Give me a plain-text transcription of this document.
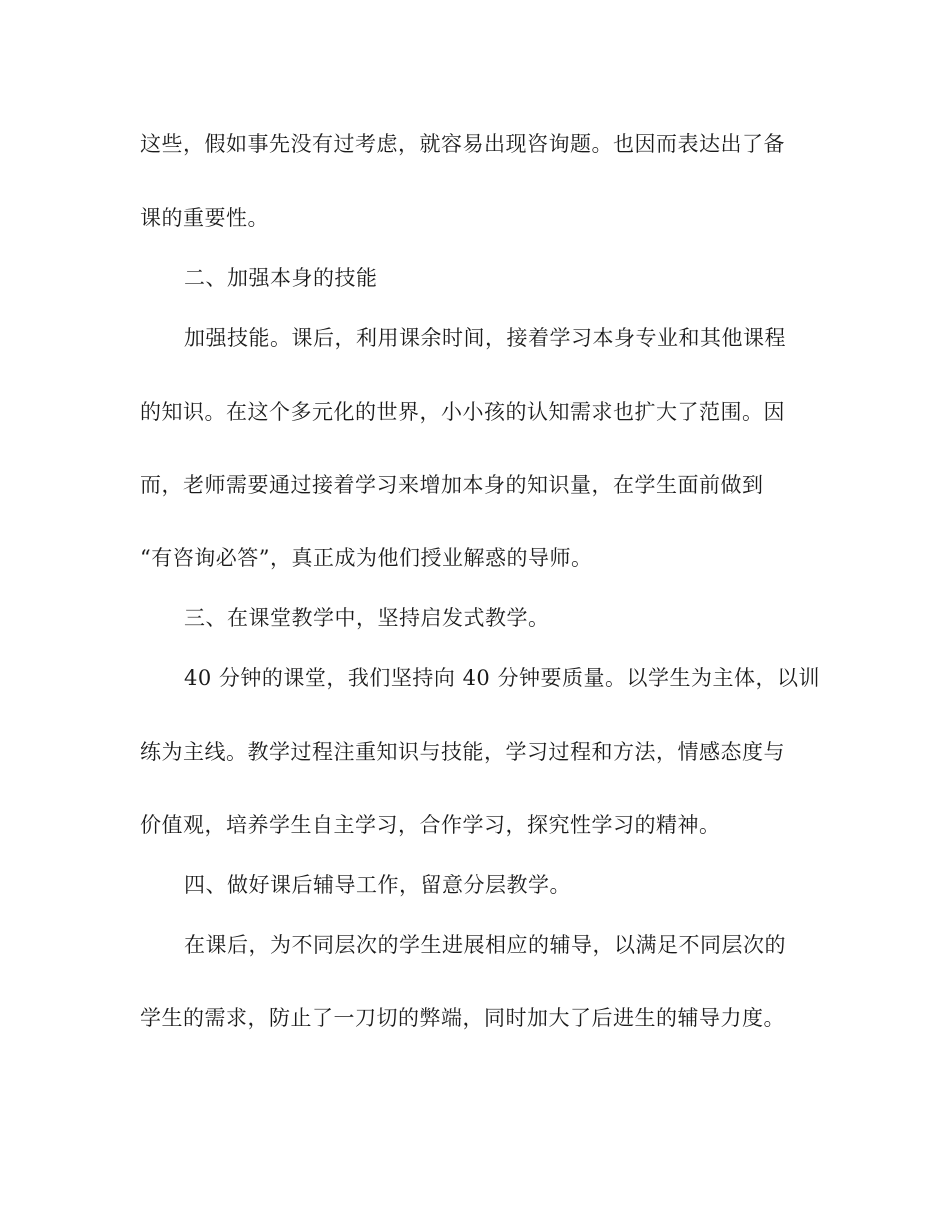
这些，假如事先没有过考虑，就容易出现咨询题。也因而表达出了备
课的重要性。
二、加强本身的技能
加强技能。课后，利用课余时间，接着学习本身专业和其他课程
的知识。在这个多元化的世界，小小孩的认知需求也扩大了范围。因
而，老师需要通过接着学习来增加本身的知识量，在学生面前做到
“有咨询必答”，真正成为他们授业解惑的导师。
三、在课堂教学中，坚持启发式教学。
40 分钟的课堂，我们坚持向 40 分钟要质量。以学生为主体，以训
练为主线。教学过程注重知识与技能，学习过程和方法，情感态度与
价值观，培养学生自主学习，合作学习，探究性学习的精神。
四、做好课后辅导工作，留意分层教学。
在课后，为不同层次的学生进展相应的辅导，以满足不同层次的
学生的需求，防止了一刀切的弊端，同时加大了后进生的辅导力度。
